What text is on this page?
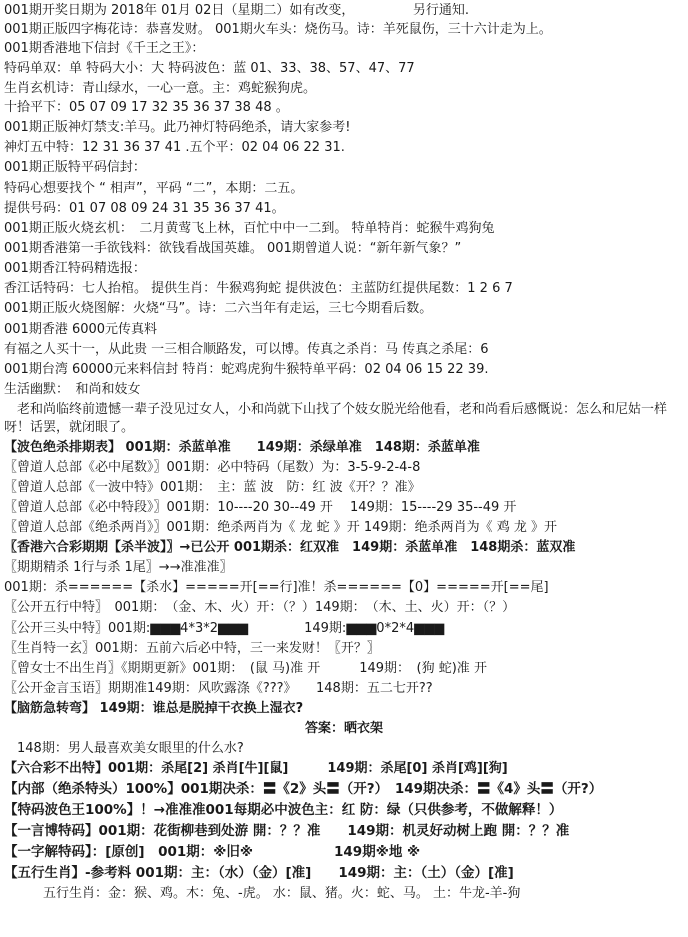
001期开奖日期为 2018年 01月 02日（星期二）如有改变，　　　　　另行通知.
001期正版四字梅花诗：恭喜发财。 001期火车头：烧伤马。诗：羊死鼠伤，三十六计走为上。
001期香港地下信封《千王之王》：
特码单双：单 特码大小：大 特码波色：蓝 01、33、38、57、47、77
生肖玄机诗：青山绿水，一心一意。主：鸡蛇猴狗虎。
十拾平下：05 07 09 17 32 35 36 37 38 48 。
001期正版神灯禁支:羊马。此乃神灯特码绝杀，请大家参考!
神灯五中特：12 31 36 37 41 .五个平：02 04 06 22 31.
001期正版特平码信封：
特码心想要找个 “ 相声”，平码 “二”，本期：二五。
提供号码：01 07 08 09 24 31 35 36 37 41。
001期正版火烧玄机：　二月黄莺飞上林，百忙中中一二到。 特单特肖：蛇猴牛鸡狗兔
001期香港第一手欲钱料：欲钱看战国英雄。 001期曾道人说：“新年新气象？”
001期香江特码精选报：
香江话特码：七人抬棺。 提供生肖：牛猴鸡狗蛇 提供波色：主蓝防红提供尾数：1 2 6 7
001期正版火烧图解：火烧“马”。诗：二六当年有走运，三七今期看后数。
001期香港 6000元传真料
有福之人买十一，从此贵 一三相合顺路发，可以博。传真之杀肖：马 传真之杀尾：6
001期台湾 60000元来料信封 特肖：蛇鸡虎狗牛猴特单平码：02 04 06 15 22 39.
生活幽默：　和尚和妓女
　老和尚临终前遗憾一辈子没见过女人，小和尚就下山找了个妓女脱光给他看，老和尚看后感慨说：怎么和尼姑一样呀！话罢，就闭眼了。
【波色绝杀排期表】 001期：杀蓝单准　　149期：杀绿单准　148期：杀蓝单准
〖曾道人总部《必中尾数》〗001期：必中特码（尾数）为：3-5-9-2-4-8
〖曾道人总部《一波中特》001期：　主：蓝 波　防：红 波《开？？准》
〖曾道人总部《必中特段》〗001期：10----20 30--49 开　 149期：15----29 35--49 开
〖曾道人总部《绝杀两肖》〗001期：绝杀两肖为《 龙 蛇 》开 149期：绝杀两肖为《 鸡 龙 》开
〖香港六合彩期期【杀半波】〗→已公开 001期杀：红双准　149期：杀蓝单准　148期杀：蓝双准
〖期期精杀 1行与杀 1尾〗→→准准准〗
001期：杀======【杀水】=====开[==行]准！杀======【0】=====开[==尾]
〖公开五行中特〗　001期：　（金、木、火）开：（？）149期：　（木、土、火）开：（？）
〖公开三头中特〗001期:▆▆▆4*3*2▆▆▆　　　　 149期:▆▆▆0*2*4▆▆▆
〖生肖特一玄〗001期：五前六后必中特，三一来发财！〖开？〗
〖曾女士不出生肖〗《期期更新》001期：　(鼠 马)准 开　　　149期：　(狗 蛇)准 开
〖公开金言玉语〗期期准149期：风吹露涤《???》　　148期：五二七开??
【脑筋急转弯】 149期：谁总是脱掉干衣换上湿衣?
答案：晒衣架
　148期：男人最喜欢美女眼里的什么水?
【六合彩不出特】001期：杀尾[2] 杀肖[牛][鼠]　　　149期：杀尾[0] 杀肖[鸡][狗]
【内部（绝杀特头）100%】001期决杀：〓《2》头〓（开?）　149期决杀：〓《4》头〓（开?）
【特码波色王100%】！→准准准001每期必中波色主：红 防：绿（只供参考，不做解释！）
【一言博特码】001期：花街柳巷到处游 開：？？准　　149期：机灵好动树上跑 開：？？准
【一字解特码】：[原创]　001期：※旧※　　　　　　149期※地 ※
【五行生肖】-参考料 001期：主：（水）（金）[准]　　149期：主：（土）（金）[准]
　　　五行生肖：金：猴、鸡。木：兔、-虎。 水：鼠、猪。火：蛇、马。 土：牛龙-羊-狗
